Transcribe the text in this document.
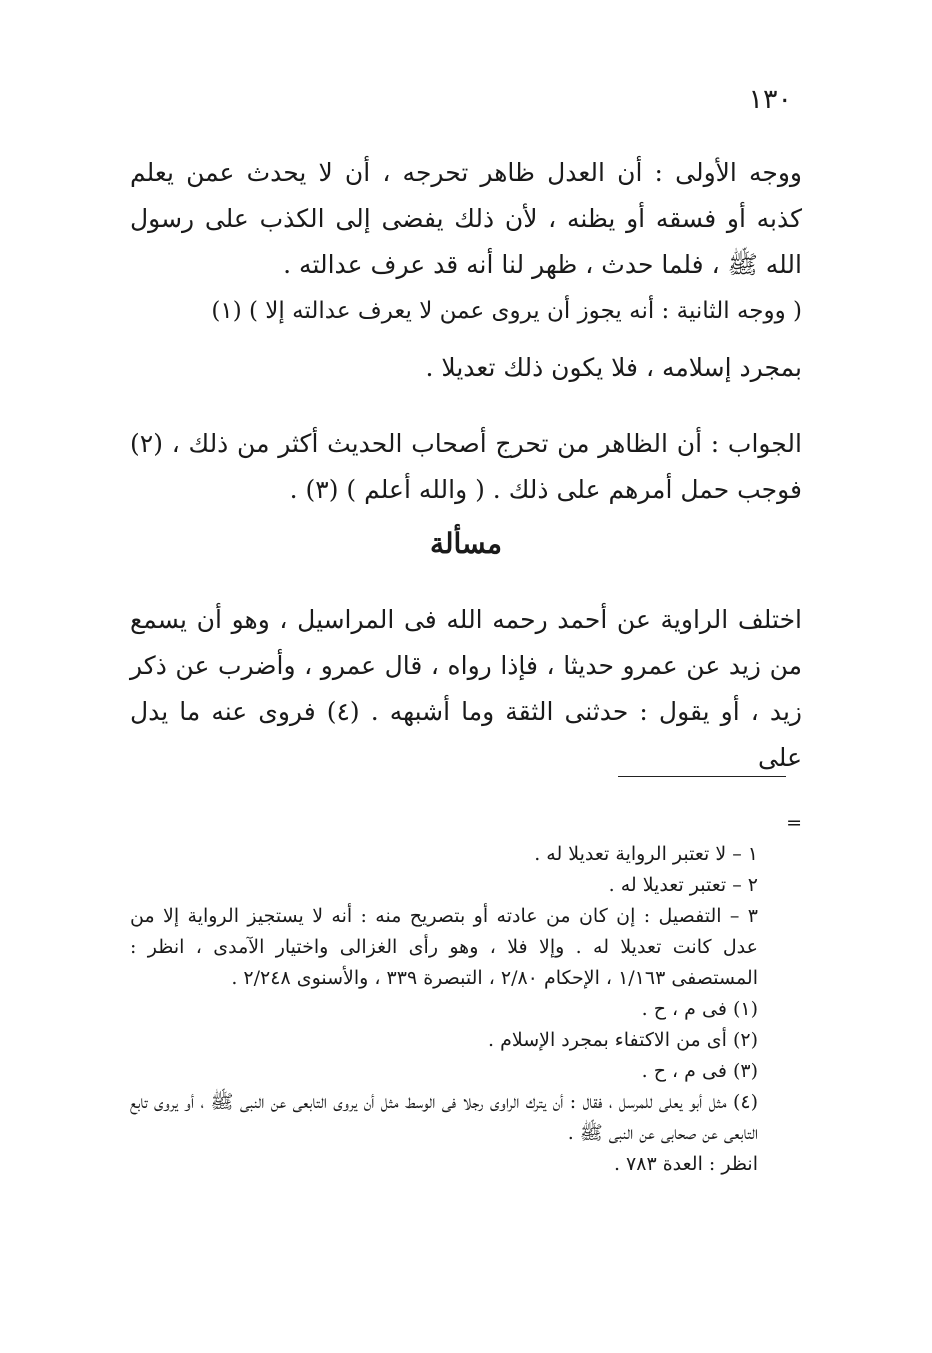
١٣٠

ووجه الأولى : أن العدل ظاهر تحرجه ، أن لا يحدث عمن يعلم كذبه أو فسقه أو يظنه ، لأن ذلك يفضى إلى الكذب على رسول الله ﷺ ، فلما حدث ، ظهر لنا أنه قد عرف عدالته .

( ووجه الثانية : أنه يجوز أن يروى عمن لا يعرف عدالته إلا ) (١)

بمجرد إسلامه ، فلا يكون ذلك تعديلا .

الجواب : أن الظاهر من تحرج أصحاب الحديث أكثر من ذلك ، (٢) فوجب حمل أمرهم على ذلك . ( والله أعلم ) (٣) .

مسألة

اختلف الراوية عن أحمد رحمه الله فى المراسيل ، وهو أن يسمع من زيد عن عمرو حديثا ، فإذا رواه ، قال عمرو ، وأضرب عن ذكر زيد ، أو يقول : حدثنى الثقة وما أشبهه . (٤) فروى عنه ما يدل على

=

١ – لا تعتبر الرواية تعديلا له .

٢ – تعتبر تعديلا له .

٣ – التفصيل : إن كان من عادته أو بتصريح منه : أنه لا يستجيز الرواية إلا من عدل كانت تعديلا له . وإلا فلا ، وهو رأى الغزالى واختيار الآمدى ، انظر : المستصفى ١/١٦٣ ، الإحكام ٢/٨٠ ، التبصرة ٣٣٩ ، والأسنوى ٢/٢٤٨ .

(١) فى م ، ح .

(٢) أى من الاكتفاء بمجرد الإسلام .

(٣) فى م ، ح .

(٤) مثل أبو يعلى للمرسل ، فقال : أن يترك الراوى رجلا فى الوسط مثل أن يروى التابعى عن النبى ﷺ ، أو يروى تابع التابعى عن صحابى عن النبى ﷺ .

انظر : العدة ٧٨٣ .
